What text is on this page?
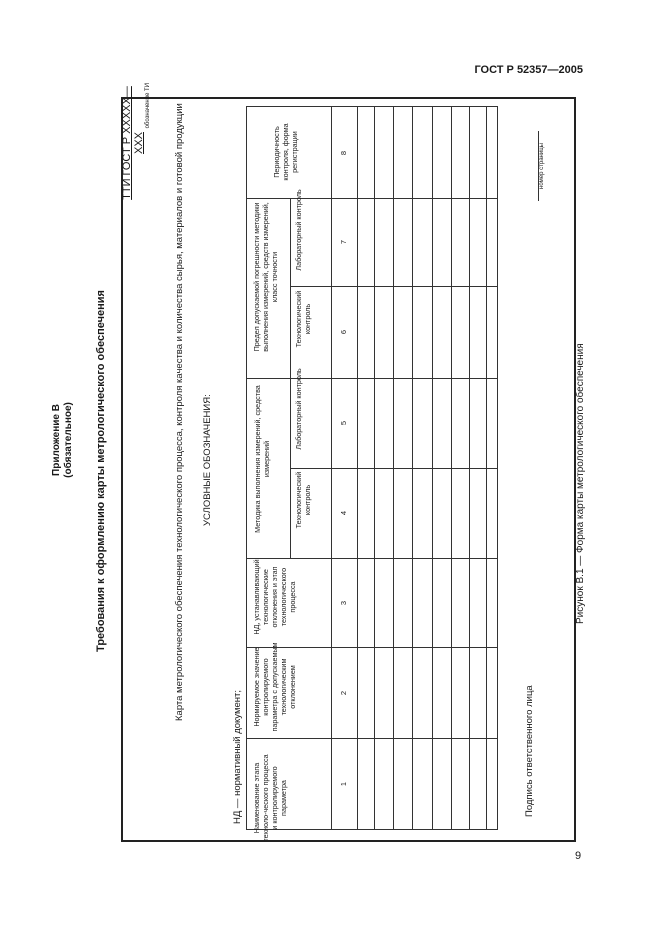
ГОСТ Р 52357—2005
Приложение В (обязательное) Требования к оформлению карты метрологического обеспечения	Рисунок В.1 — Форма карты метрологического обеспечения
9
Карта метрологического обеспечения технологического процесса, контроля качества и количества сырья, материалов и готовой продукции УСЛОВНЫЕ ОБОЗНАЧЕНИЯ:
НД — нормативный документ;
ТТИ ГОСТ Р ХХХХХ—ХХХ
обозначение ТИ
Подпись ответственного лица
номер страницы
Наименование этапа техноло-ческого процесса и контролируемого параметра
Нормируемое значение контролируемого параметра с допускаемым технологическим отклонением
НД, устанавливающий технологические отклонения и этап технологического процесса
Методика выполнения измерений, средства измерений
Технологический контроль
Лабораторный контроль
Предел допускаемой погрешности методики выполнения измерений, средств измерений, класс точности
Технологический контроль
Лабораторный контроль
Периодичность контроля, форма регистрации
1
2
3
4
5
6
7
8
